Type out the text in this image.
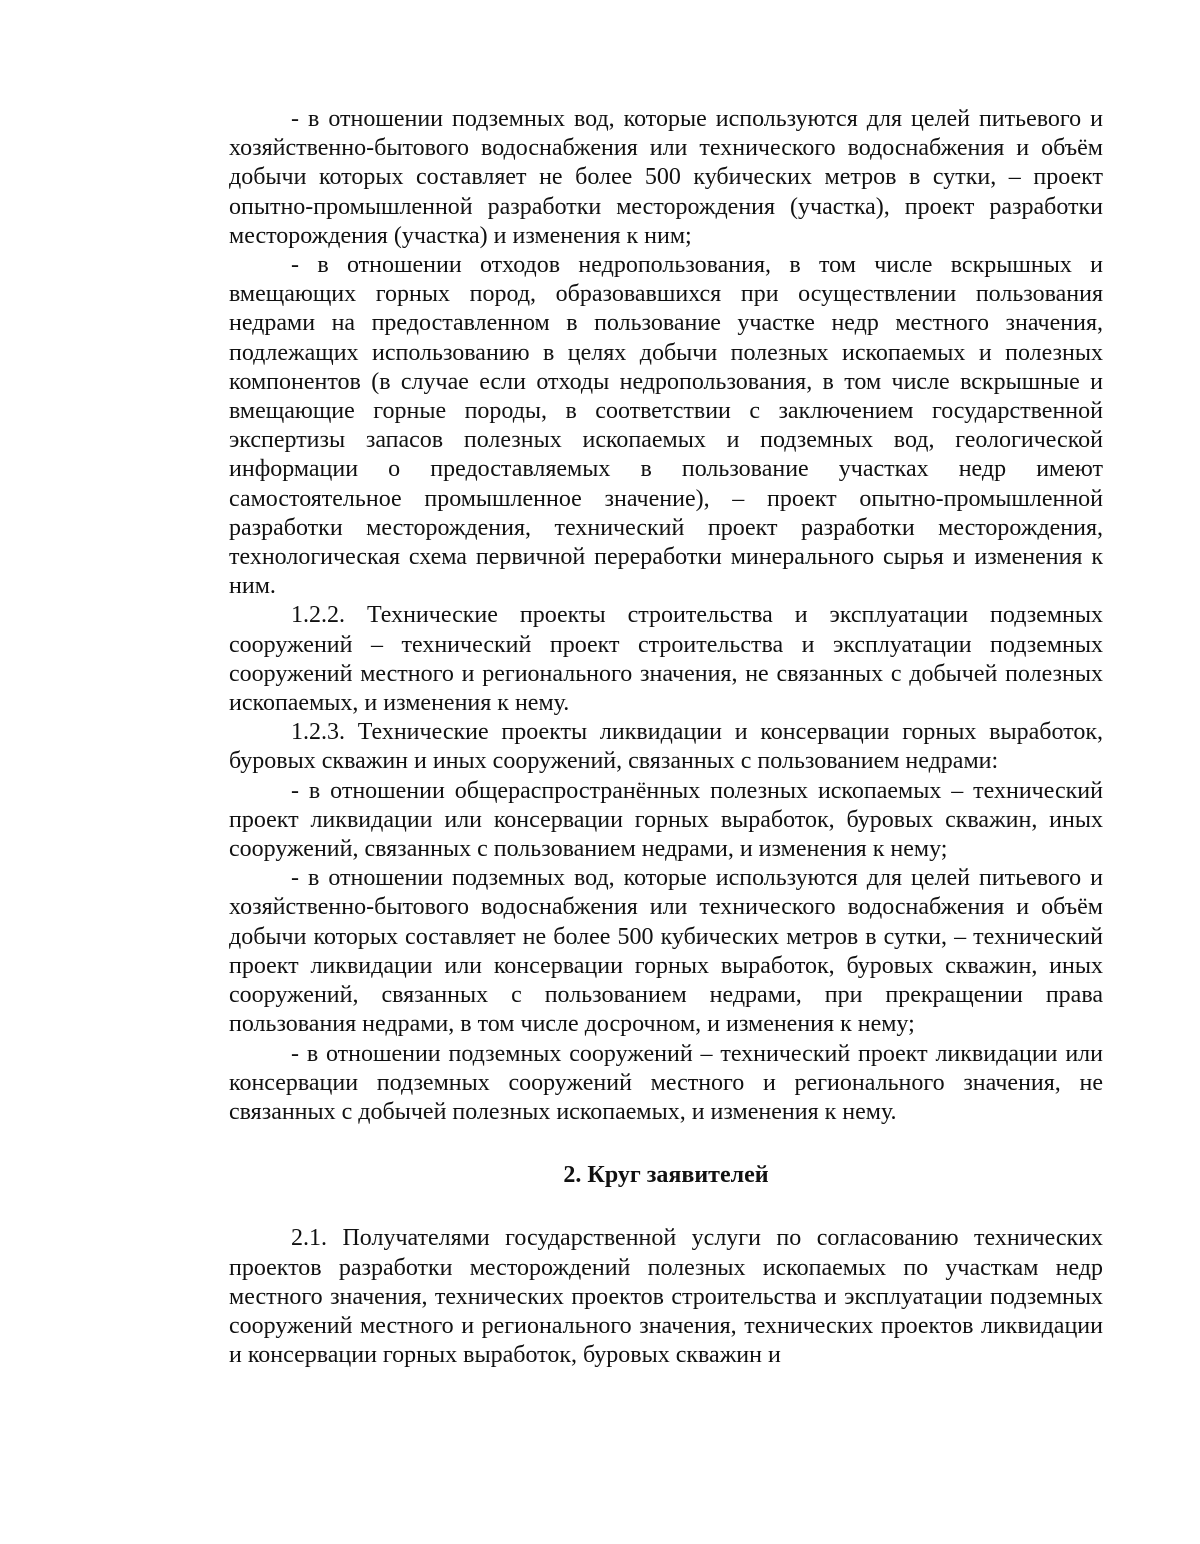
- в отношении подземных вод, которые используются для целей питьевого и хозяйственно-бытового водоснабжения или технического водоснабжения и объём добычи которых составляет не более 500 кубических метров в сутки, – проект опытно-промышленной разработки месторождения (участка), проект разработки месторождения (участка) и изменения к ним;

- в отношении отходов недропользования, в том числе вскрышных и вмещающих горных пород, образовавшихся при осуществлении пользования недрами на предоставленном в пользование участке недр местного значения, подлежащих использованию в целях добычи полезных ископаемых и полезных компонентов (в случае если отходы недропользования, в том числе вскрышные и вмещающие горные породы, в соответствии с заключением государственной экспертизы запасов полезных ископаемых и подземных вод, геологической информации о предоставляемых в пользование участках недр имеют самостоятельное промышленное значение), – проект опытно-промышленной разработки месторождения, технический проект разработки месторождения, технологическая схема первичной переработки минерального сырья и изменения к ним.

1.2.2. Технические проекты строительства и эксплуатации подземных сооружений – технический проект строительства и эксплуатации подземных сооружений местного и регионального значения, не связанных с добычей полезных ископаемых, и изменения к нему.

1.2.3. Технические проекты ликвидации и консервации горных выработок, буровых скважин и иных сооружений, связанных с пользованием недрами:

- в отношении общераспространённых полезных ископаемых – технический проект ликвидации или консервации горных выработок, буровых скважин, иных сооружений, связанных с пользованием недрами, и изменения к нему;

- в отношении подземных вод, которые используются для целей питьевого и хозяйственно-бытового водоснабжения или технического водоснабжения и объём добычи которых составляет не более 500 кубических метров в сутки, – технический проект ликвидации или консервации горных выработок, буровых скважин, иных сооружений, связанных с пользованием недрами, при прекращении права пользования недрами, в том числе досрочном, и изменения к нему;

- в отношении подземных сооружений – технический проект ликвидации или консервации подземных сооружений местного и регионального значения, не связанных с добычей полезных ископаемых, и изменения к нему.

2. Круг заявителей

2.1. Получателями государственной услуги по согласованию технических проектов разработки месторождений полезных ископаемых по участкам недр местного значения, технических проектов строительства и эксплуатации подземных сооружений местного и регионального значения, технических проектов ликвидации и консервации горных выработок, буровых скважин и
